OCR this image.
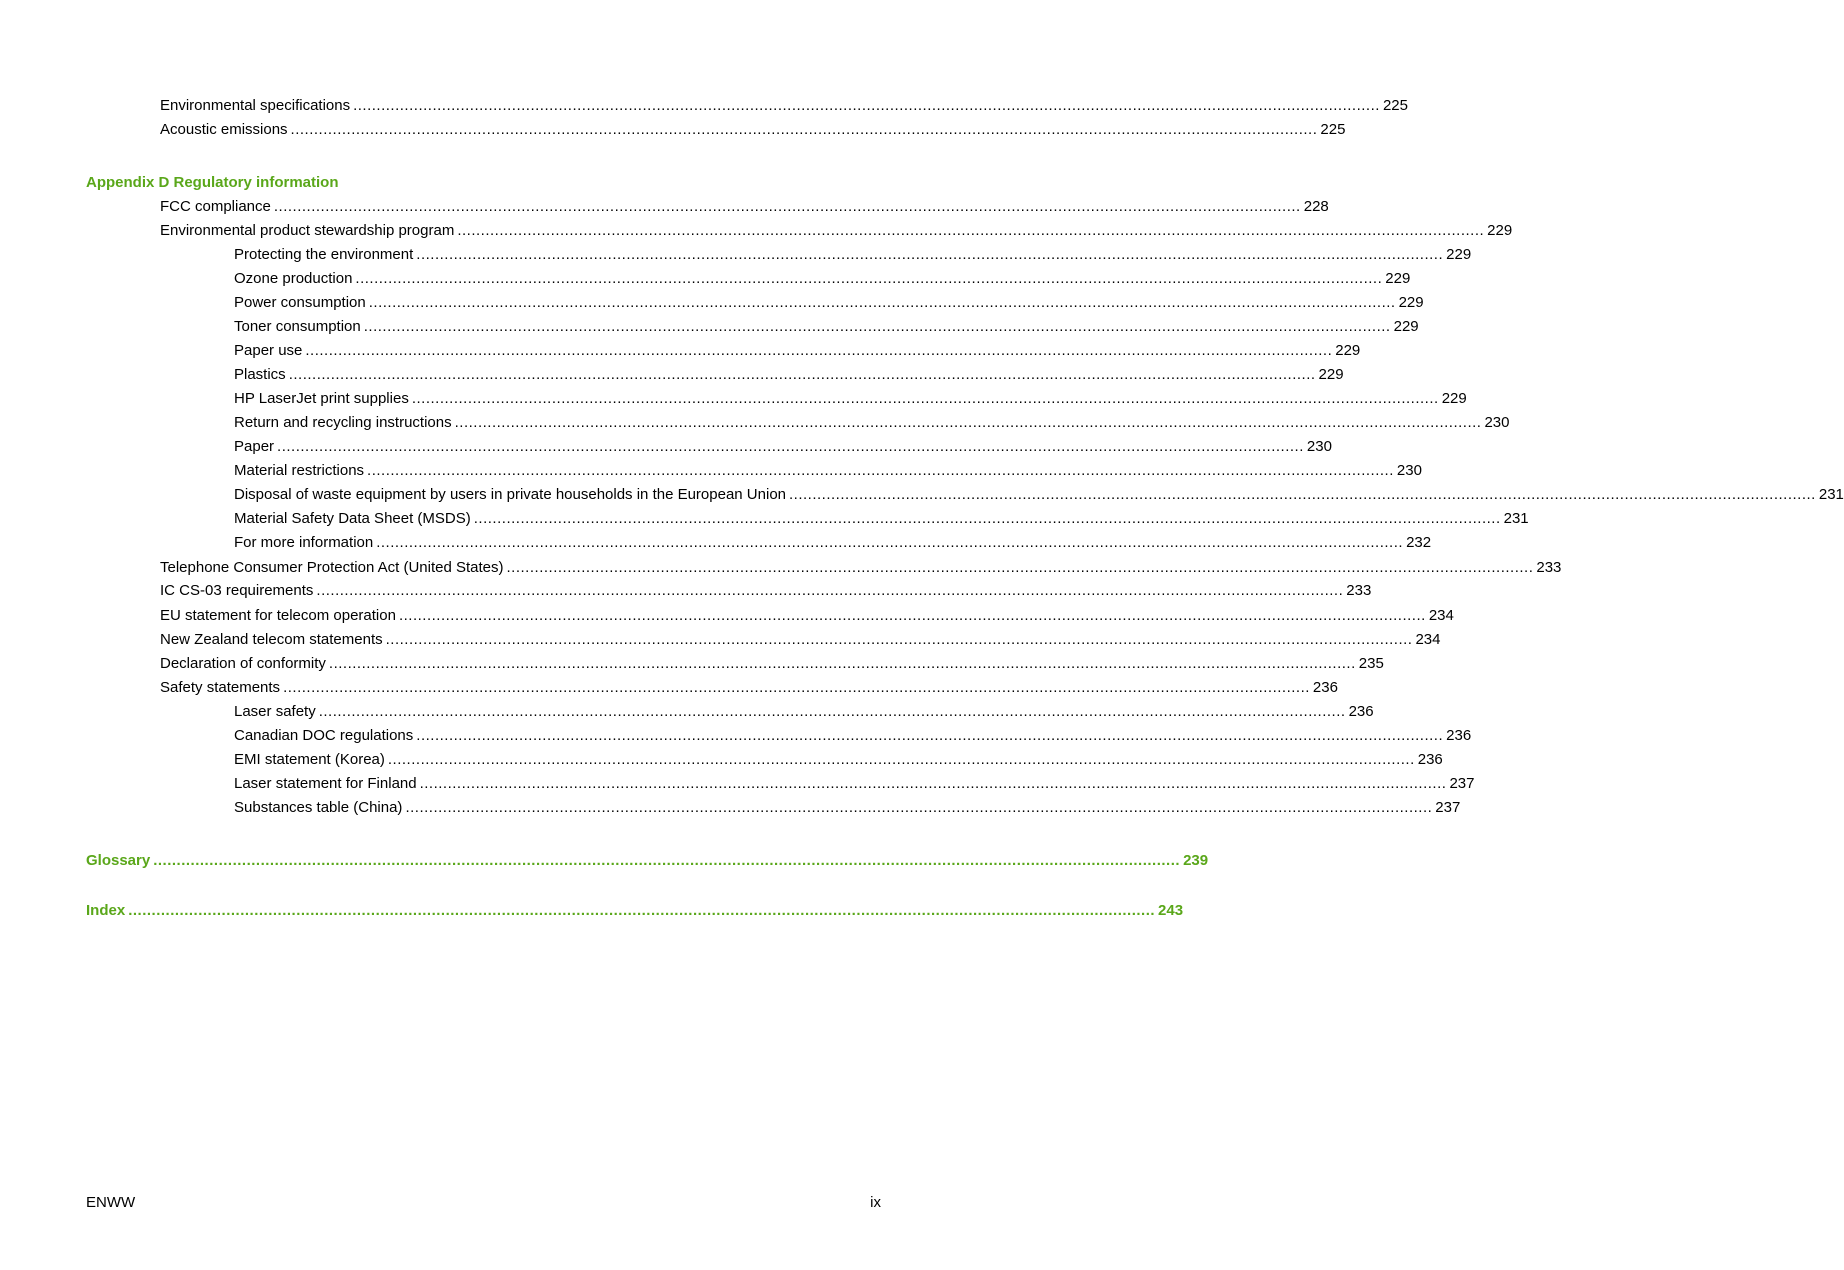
Environmental specifications ............................................................................................................................................................................................................................ 225
Acoustic emissions ............................................................................................................................................................................................................................ 225
Appendix D Regulatory information
FCC compliance ............................................................................................................................................................................................................................ 228
Environmental product stewardship program ............................................................................................................................................................................................................................ 229
Protecting the environment ............................................................................................................................................................................................................................ 229
Ozone production ............................................................................................................................................................................................................................ 229
Power consumption ............................................................................................................................................................................................................................ 229
Toner consumption ............................................................................................................................................................................................................................ 229
Paper use ............................................................................................................................................................................................................................ 229
Plastics ............................................................................................................................................................................................................................ 229
HP LaserJet print supplies ............................................................................................................................................................................................................................ 229
Return and recycling instructions ............................................................................................................................................................................................................................ 230
Paper ............................................................................................................................................................................................................................ 230
Material restrictions ............................................................................................................................................................................................................................ 230
Disposal of waste equipment by users in private households in the European Union ............................................................................................................................................................................................................................ 231
Material Safety Data Sheet (MSDS) ............................................................................................................................................................................................................................ 231
For more information ............................................................................................................................................................................................................................ 232
Telephone Consumer Protection Act (United States) ............................................................................................................................................................................................................................ 233
IC CS-03 requirements ............................................................................................................................................................................................................................ 233
EU statement for telecom operation ............................................................................................................................................................................................................................ 234
New Zealand telecom statements ............................................................................................................................................................................................................................ 234
Declaration of conformity ............................................................................................................................................................................................................................ 235
Safety statements ............................................................................................................................................................................................................................ 236
Laser safety ............................................................................................................................................................................................................................ 236
Canadian DOC regulations ............................................................................................................................................................................................................................ 236
EMI statement (Korea) ............................................................................................................................................................................................................................ 236
Laser statement for Finland ............................................................................................................................................................................................................................ 237
Substances table (China) ............................................................................................................................................................................................................................ 237
Glossary ............................................................................................................................................................................................................................ 239
Index ............................................................................................................................................................................................................................ 243
ENWW	ix
